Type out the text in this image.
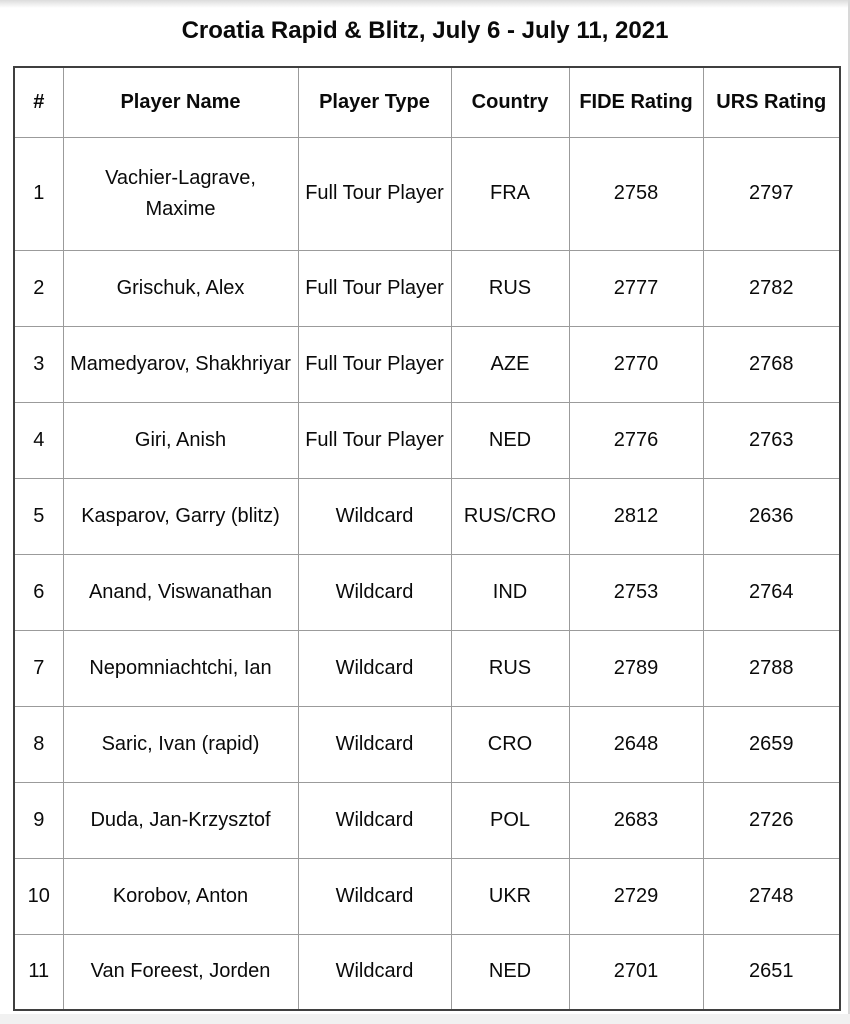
Croatia Rapid & Blitz, July 6 - July 11, 2021
#	Player Name	Player Type	Country	FIDE Rating	URS Rating
1	Vachier-Lagrave, Maxime	Full Tour Player	FRA	2758	2797
2	Grischuk, Alex	Full Tour Player	RUS	2777	2782
3	Mamedyarov, Shakhriyar	Full Tour Player	AZE	2770	2768
4	Giri, Anish	Full Tour Player	NED	2776	2763
5	Kasparov, Garry (blitz)	Wildcard	RUS/CRO	2812	2636
6	Anand, Viswanathan	Wildcard	IND	2753	2764
7	Nepomniachtchi, Ian	Wildcard	RUS	2789	2788
8	Saric, Ivan (rapid)	Wildcard	CRO	2648	2659
9	Duda, Jan-Krzysztof	Wildcard	POL	2683	2726
10	Korobov, Anton	Wildcard	UKR	2729	2748
11	Van Foreest, Jorden	Wildcard	NED	2701	2651
